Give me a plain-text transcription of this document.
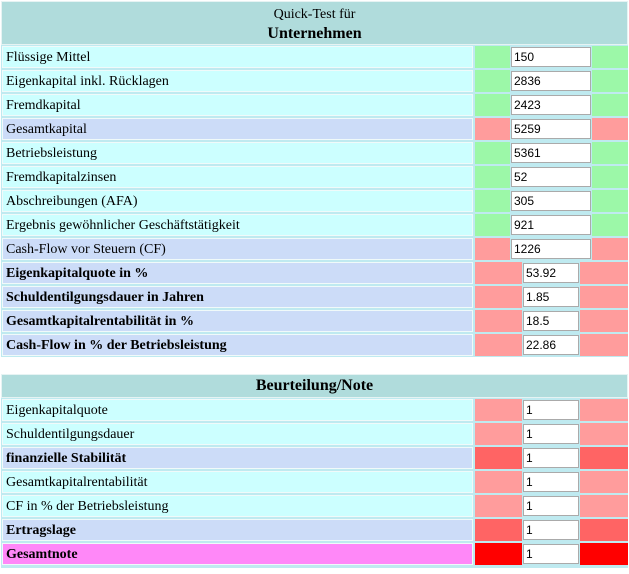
Quick-Test für
Unternehmen
Flüssige Mittel	150
Eigenkapital inkl. Rücklagen	2836
Fremdkapital	2423
Gesamtkapital	5259
Betriebsleistung	5361
Fremdkapitalzinsen	52
Abschreibungen (AFA)	305
Ergebnis gewöhnlicher Geschäftstätigkeit	921
Cash-Flow vor Steuern (CF)	1226
Eigenkapitalquote in %	53.92
Schuldentilgungsdauer in Jahren	1.85
Gesamtkapitalrentabilität in %	18.5
Cash-Flow in % der Betriebsleistung	22.86
Beurteilung/Note
Eigenkapitalquote	1
Schuldentilgungsdauer	1
finanzielle Stabilität	1
Gesamtkapitalrentabilität	1
CF in % der Betriebsleistung	1
Ertragslage	1
Gesamtnote	1
